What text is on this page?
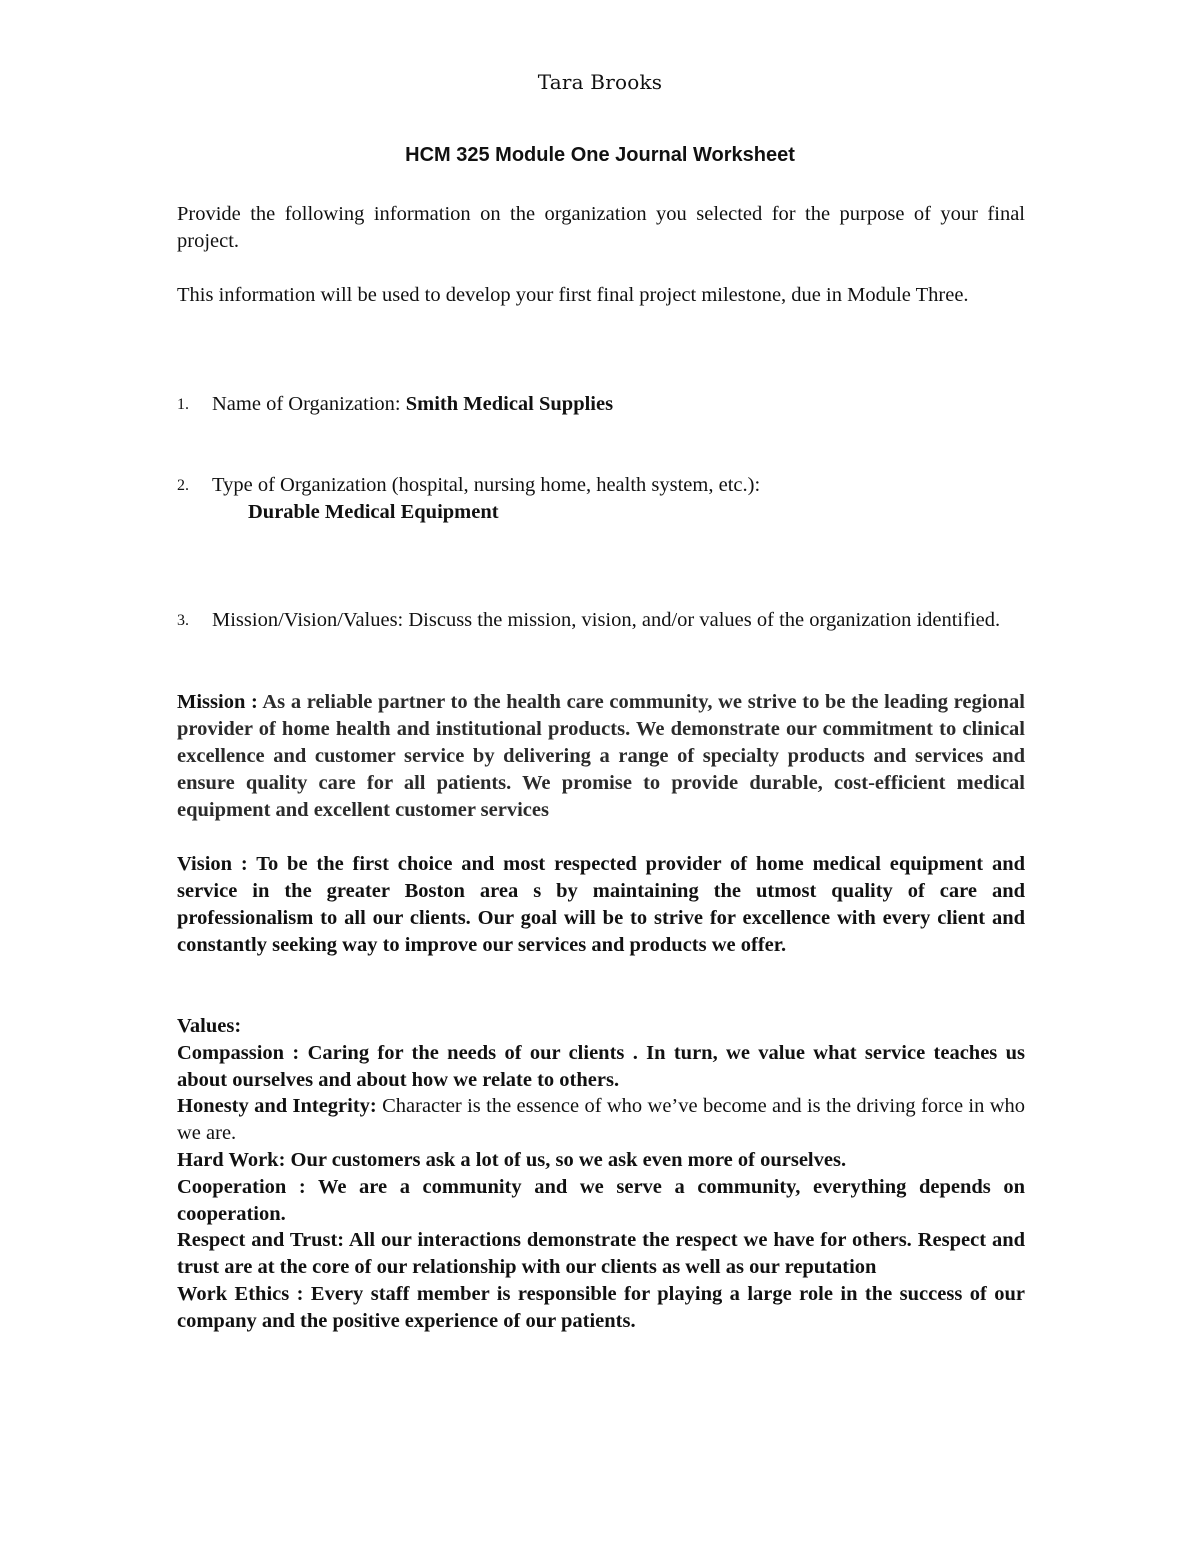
Tara Brooks
HCM 325 Module One Journal Worksheet
Provide the following information on the organization you selected for the purpose of your final project.
This information will be used to develop your first final project milestone, due in Module Three.
1. Name of Organization: Smith Medical Supplies
2. Type of Organization (hospital, nursing home, health system, etc.):
Durable Medical Equipment
3. Mission/Vision/Values: Discuss the mission, vision, and/or values of the organization identified.
Mission : As a reliable partner to the health care community, we strive to be the leading regional provider of home health and institutional products. We demonstrate our commitment to clinical excellence and customer service by delivering a range of specialty products and services and ensure quality care for all patients. We promise to provide durable, cost-efficient medical equipment and excellent customer services
Vision : To be the first choice and most respected provider of home medical equipment and service in the greater Boston area s by maintaining the utmost quality of care and professionalism to all our clients. Our goal will be to strive for excellence with every client and constantly seeking way to improve our services and products we offer.
Values:
Compassion : Caring for the needs of our clients . In turn, we value what service teaches us about ourselves and about how we relate to others.
Honesty and Integrity: Character is the essence of who we’ve become and is the driving force in who we are.
Hard Work: Our customers ask a lot of us, so we ask even more of ourselves.
Cooperation : We are a community and we serve a community, everything depends on cooperation.
Respect and Trust: All our interactions demonstrate the respect we have for others. Respect and trust are at the core of our relationship with our clients as well as our reputation
Work Ethics : Every staff member is responsible for playing a large role in the success of our company and the positive experience of our patients.
